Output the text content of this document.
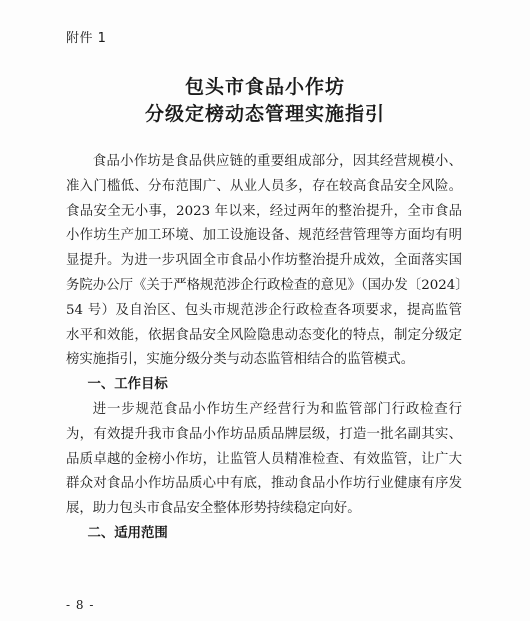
附件 1
包头市食品小作坊
分级定榜动态管理实施指引

食品小作坊是食品供应链的重要组成部分，因其经营规模小、准入门槛低、分布范围广、从业人员多，存在较高食品安全风险。食品安全无小事，2023 年以来，经过两年的整治提升，全市食品小作坊生产加工环境、加工设施设备、规范经营管理等方面均有明显提升。为进一步巩固全市食品小作坊整治提升成效，全面落实国务院办公厅《关于严格规范涉企行政检查的意见》（国办发〔2024〕54 号）及自治区、包头市规范涉企行政检查各项要求，提高监管水平和效能，依据食品安全风险隐患动态变化的特点，制定分级定榜实施指引，实施分级分类与动态监管相结合的监管模式。

一、工作目标

进一步规范食品小作坊生产经营行为和监管部门行政检查行为，有效提升我市食品小作坊品质品牌层级，打造一批名副其实、品质卓越的金榜小作坊，让监管人员精准检查、有效监管，让广大群众对食品小作坊品质心中有底，推动食品小作坊行业健康有序发展，助力包头市食品安全整体形势持续稳定向好。

二、适用范围
- 8 -
